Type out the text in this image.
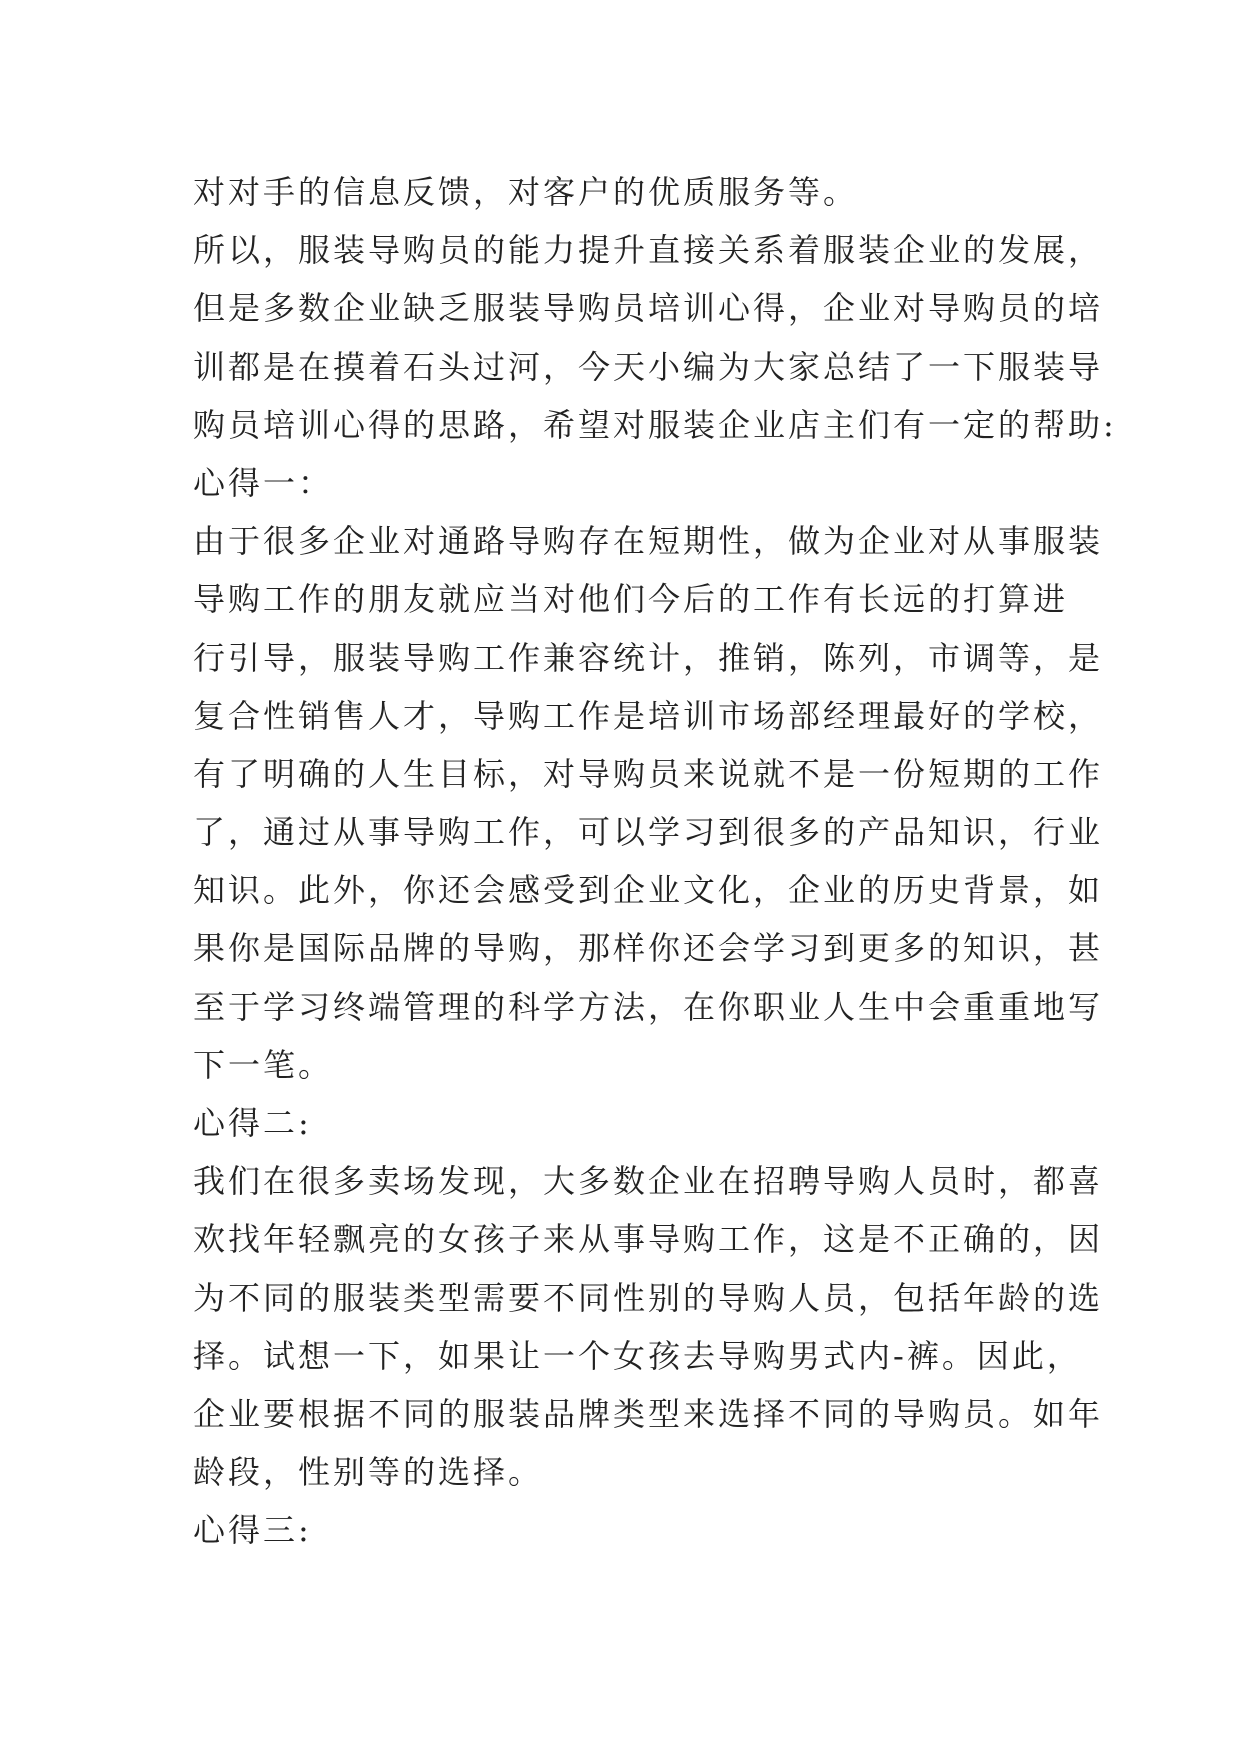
对对手的信息反馈，对客户的优质服务等。
所以，服装导购员的能力提升直接关系着服装企业的发展，
但是多数企业缺乏服装导购员培训心得，企业对导购员的培
训都是在摸着石头过河，今天小编为大家总结了一下服装导
购员培训心得的思路，希望对服装企业店主们有一定的帮助:
心得一：
由于很多企业对通路导购存在短期性，做为企业对从事服装
导购工作的朋友就应当对他们今后的工作有长远的打算进
行引导，服装导购工作兼容统计，推销，陈列，市调等，是
复合性销售人才，导购工作是培训市场部经理最好的学校，
有了明确的人生目标，对导购员来说就不是一份短期的工作
了，通过从事导购工作，可以学习到很多的产品知识，行业
知识。此外，你还会感受到企业文化，企业的历史背景，如
果你是国际品牌的导购，那样你还会学习到更多的知识，甚
至于学习终端管理的科学方法，在你职业人生中会重重地写
下一笔。
心得二:
我们在很多卖场发现，大多数企业在招聘导购人员时，都喜
欢找年轻飘亮的女孩子来从事导购工作，这是不正确的，因
为不同的服装类型需要不同性别的导购人员，包括年龄的选
择。试想一下，如果让一个女孩去导购男式内-裤。因此，
企业要根据不同的服装品牌类型来选择不同的导购员。如年
龄段，性别等的选择。
心得三:
